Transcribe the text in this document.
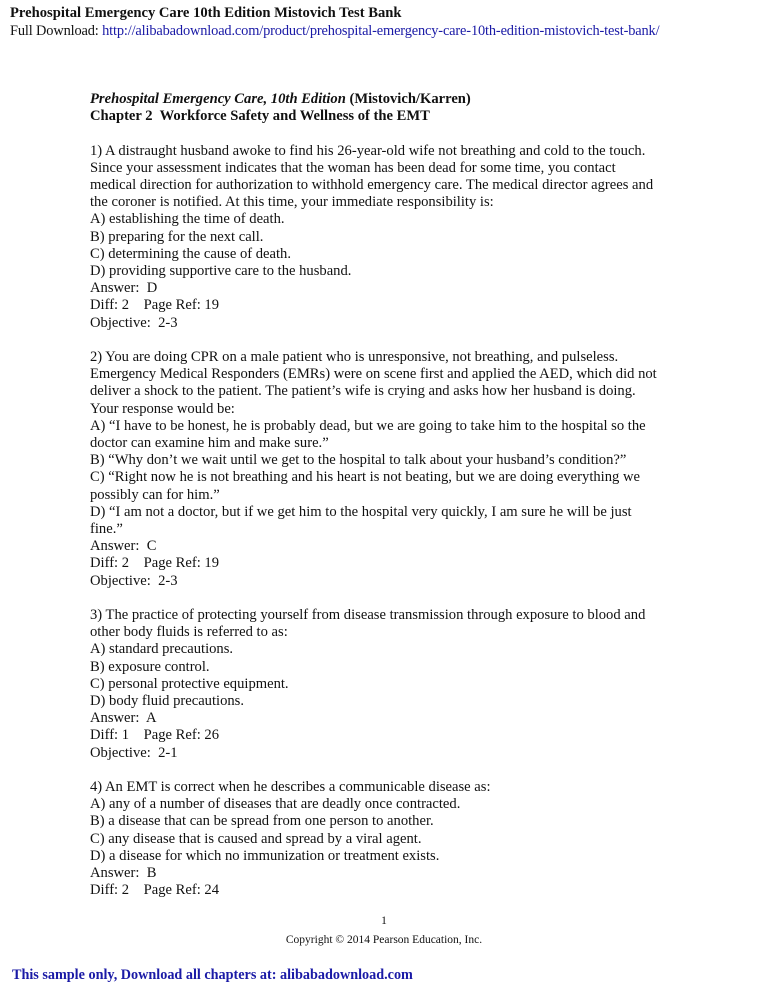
Prehospital Emergency Care 10th Edition Mistovich Test Bank
Full Download: http://alibabadownload.com/product/prehospital-emergency-care-10th-edition-mistovich-test-bank/
Prehospital Emergency Care, 10th Edition (Mistovich/Karren)
Chapter 2  Workforce Safety and Wellness of the EMT
1) A distraught husband awoke to find his 26-year-old wife not breathing and cold to the touch.
Since your assessment indicates that the woman has been dead for some time, you contact
medical direction for authorization to withhold emergency care. The medical director agrees and
the coroner is notified. At this time, your immediate responsibility is:
A) establishing the time of death.
B) preparing for the next call.
C) determining the cause of death.
D) providing supportive care to the husband.
Answer:  D
Diff: 2    Page Ref: 19
Objective:  2-3
2) You are doing CPR on a male patient who is unresponsive, not breathing, and pulseless.
Emergency Medical Responders (EMRs) were on scene first and applied the AED, which did not
deliver a shock to the patient. The patient’s wife is crying and asks how her husband is doing.
Your response would be:
A) “I have to be honest, he is probably dead, but we are going to take him to the hospital so the
doctor can examine him and make sure.”
B) “Why don’t we wait until we get to the hospital to talk about your husband’s condition?”
C) “Right now he is not breathing and his heart is not beating, but we are doing everything we
possibly can for him.”
D) “I am not a doctor, but if we get him to the hospital very quickly, I am sure he will be just
fine.”
Answer:  C
Diff: 2    Page Ref: 19
Objective:  2-3
3) The practice of protecting yourself from disease transmission through exposure to blood and
other body fluids is referred to as:
A) standard precautions.
B) exposure control.
C) personal protective equipment.
D) body fluid precautions.
Answer:  A
Diff: 1    Page Ref: 26
Objective:  2-1
4) An EMT is correct when he describes a communicable disease as:
A) any of a number of diseases that are deadly once contracted.
B) a disease that can be spread from one person to another.
C) any disease that is caused and spread by a viral agent.
D) a disease for which no immunization or treatment exists.
Answer:  B
Diff: 2    Page Ref: 24
1
Copyright © 2014 Pearson Education, Inc.
This sample only, Download all chapters at: alibabadownload.com
